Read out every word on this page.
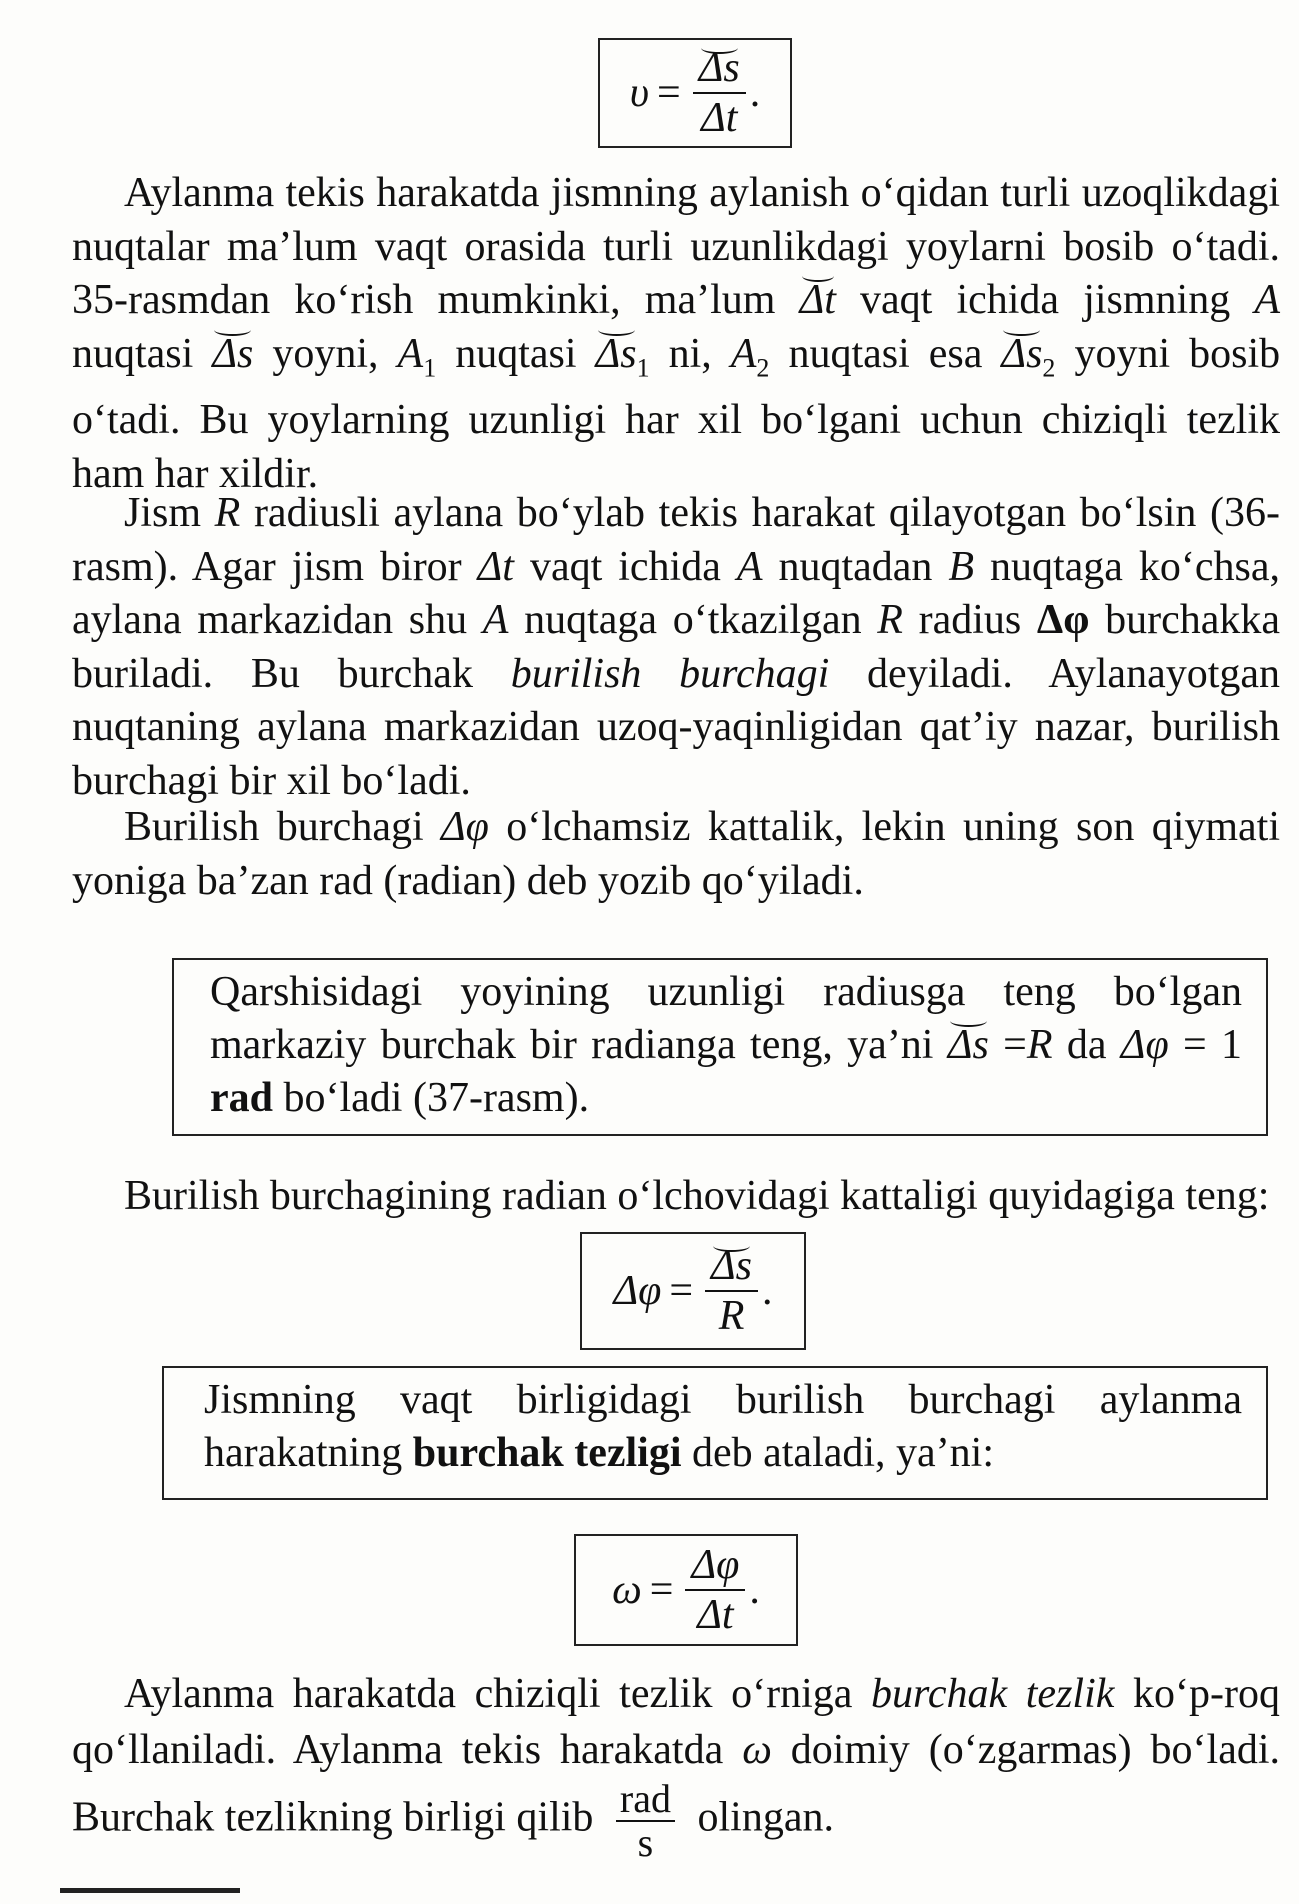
$\upsilon = \frac{\Delta s}{\Delta t}$ .

Aylanma tekis harakatda jismning aylanish o‘qidan turli uzoqlikdagi nuqtalar ma’lum vaqt orasida turli uzunlikdagi yoylarni bosib o‘tadi. 35-rasmdan ko‘rish mumkinki, ma’lum Δt vaqt ichida jismning A nuqtasi Δs yoyni, $A_1$ nuqtasi $\Delta s_1$ ni, $A_2$ nuqtasi esa $\Delta s_2$ yoyni bosib o‘tadi. Bu yoylarning uzunligi har xil bo‘lgani uchun chiziqli tezlik ham har xildir.

Jism R radiusli aylana bo‘ylab tekis harakat qilayotgan bo‘lsin (36-rasm). Agar jism biror Δt vaqt ichida A nuqtadan B nuqtaga ko‘chsa, aylana markazidan shu A nuqtaga o‘tkazilgan R radius Δφ burchakka buriladi. Bu burchak burilish burchagi deyiladi. Aylanayotgan nuqtaning aylana markazidan uzoq-yaqinligidan qat’iy nazar, burilish burchagi bir xil bo‘ladi.

Burilish burchagi Δφ o‘lchamsiz kattalik, lekin uning son qiymati yoniga ba’zan rad (radian) deb yozib qo‘yiladi.

Qarshisidagi yoyining uzunligi radiusga teng bo‘lgan markaziy burchak bir radianga teng, ya’ni Δs =R da Δφ = 1 rad bo‘ladi (37-rasm).

Burilish burchagining radian o‘lchovidagi kattaligi quyidagiga teng:

$\Delta\varphi = \frac{\Delta s}{R}$ .

Jismning vaqt birligidagi burilish burchagi aylanma harakatning burchak tezligi deb ataladi, ya’ni:

$\omega = \frac{\Delta\varphi}{\Delta t}$ .

Aylanma harakatda chiziqli tezlik o‘rniga burchak tezlik ko‘p-roq qo‘llaniladi. Aylanma tekis harakatda ω doimiy (o‘zgarmas) bo‘ladi. Burchak tezlikning birligi qilib $\frac{\text{rad}}{s}$ olingan.
